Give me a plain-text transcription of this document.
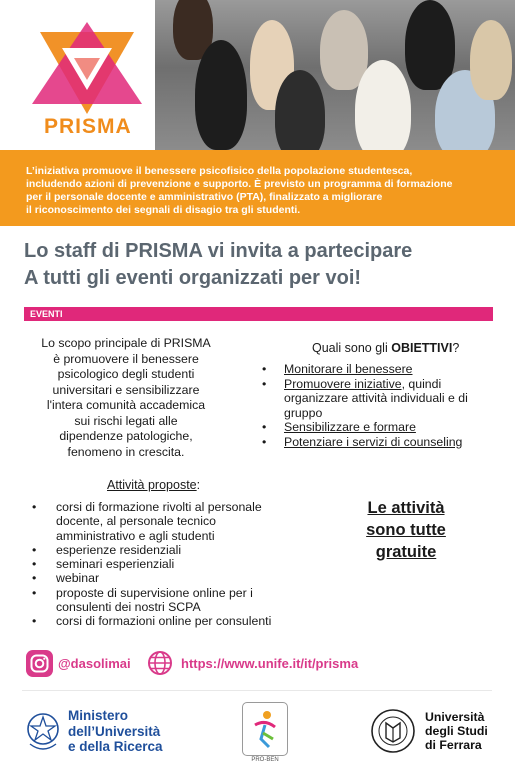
PRISMA

L’iniziativa promuove il benessere psicofisico della popolazione studentesca,

includendo azioni di prevenzione e supporto. È previsto un programma di formazione

per il personale docente e amministrativo (PTA), finalizzato a migliorare

il riconoscimento dei segnali di disagio tra gli studenti.

Lo staff di PRISMA vi invita a partecipare
A tutti gli eventi organizzati per voi!
EVENTI
Lo scopo principale di PRISMA
è promuovere il benessere
psicologico degli studenti
universitari e sensibilizzare
l'intera comunità accademica
sui rischi legati alle
dipendenze patologiche,
fenomeno in crescita.
Quali sono gli OBIETTIVI?
• Monitorare il benessere
• Promuovere iniziative, quindi organizzare attività individuali e di gruppo
• Sensibilizzare e formare
• Potenziare i servizi di counseling
Attività proposte:
• corsi di formazione rivolti al personale docente, al personale tecnico amministrativo e agli studenti
• esperienze residenziali
• seminari esperienziali
• webinar
• proposte di supervisione online per i consulenti dei nostri SCPA
• corsi di formazioni online per consulenti
Le attività
sono tutte
gratuite
@dasolimai	https://www.unife.it/it/prisma
Ministero
dell’Università
e della Ricerca
PRO-BEN
Università
degli Studi
di Ferrara
